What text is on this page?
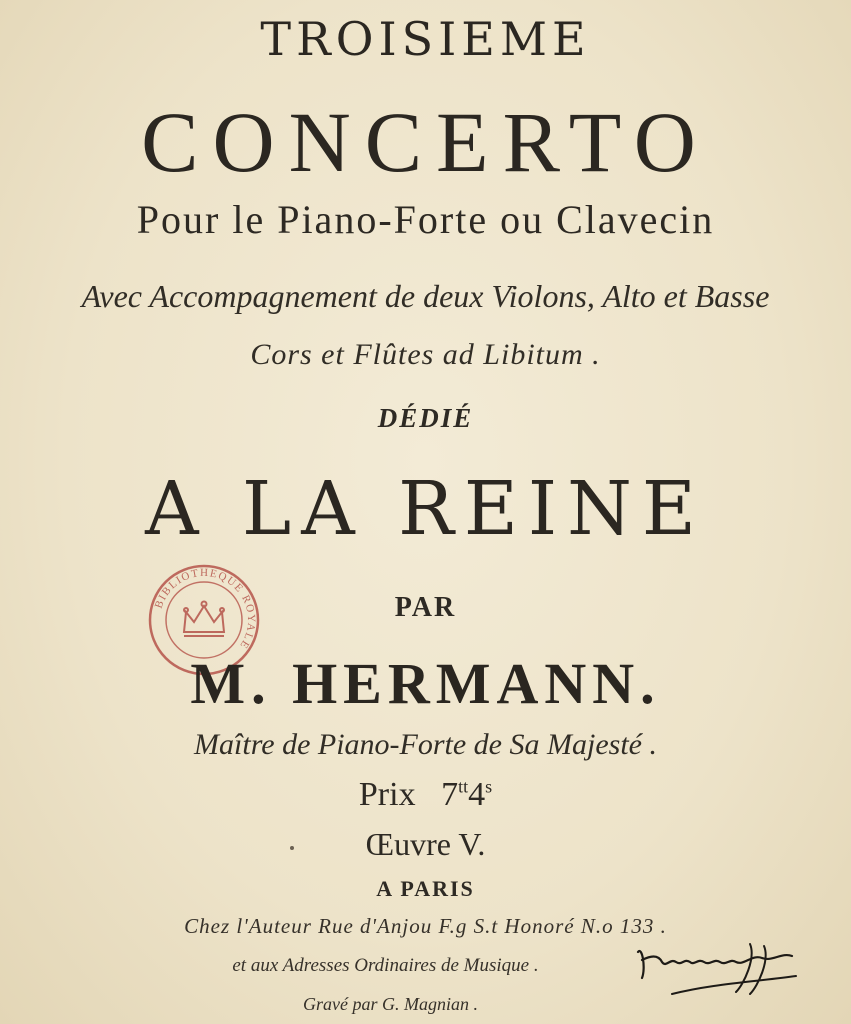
TROISIEME
CONCERTO
Pour le Piano-Forte ou Clavecin
Avec Accompagnement de deux Violons, Alto et Basse
Cors et Flûtes ad Libitum .
DÉDIÉ
A LA REINE
BIBLIOTHEQUE ROYALE
PAR
M. HERMANN.
Maître de Piano-Forte de Sa Majesté .
Prix $7^{tt}4^s$
Œuvre V.
A PARIS
Chez l'Auteur Rue d'Anjou F.g S.t Honoré N.o 133 .
et aux Adresses Ordinaires de Musique .
Gravé par G. Magnian .
